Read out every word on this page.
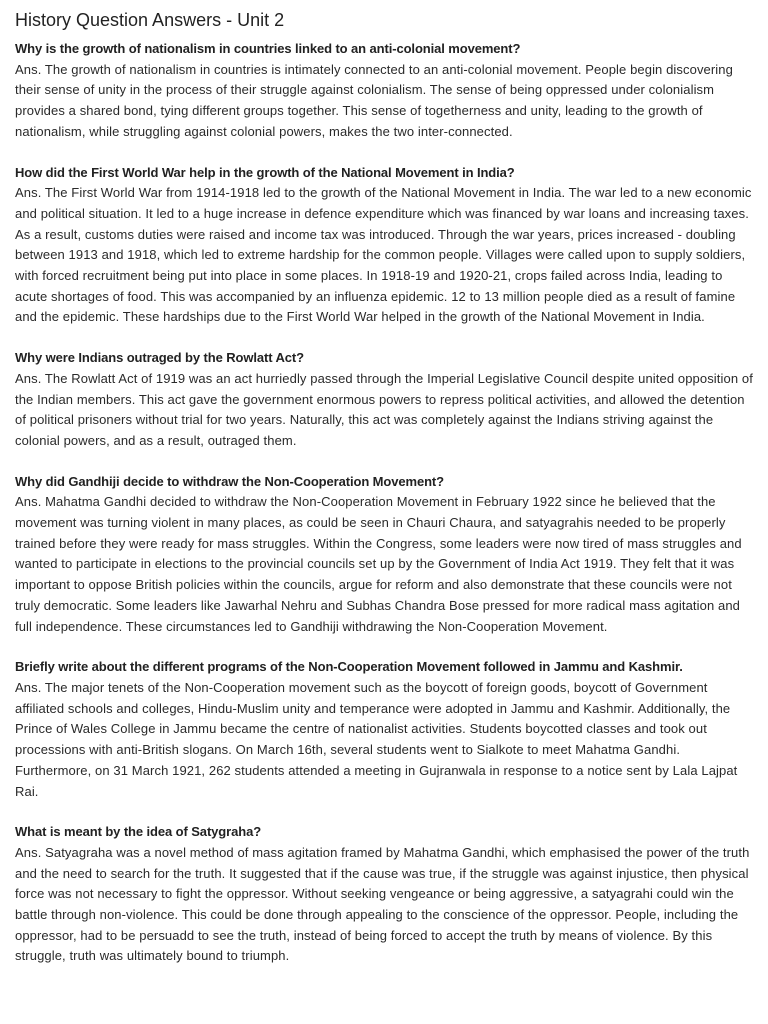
History Question Answers - Unit 2

Why is the growth of nationalism in countries linked to an anti-colonial movement?

Ans. The growth of nationalism in countries is intimately connected to an anti-colonial movement. People begin discovering their sense of unity in the process of their struggle against colonialism. The sense of being oppressed under colonialism provides a shared bond, tying different groups together. This sense of togetherness and unity, leading to the growth of nationalism, while struggling against colonial powers, makes the two inter-connected.

How did the First World War help in the growth of the National Movement in India?

Ans. The First World War from 1914-1918 led to the growth of the National Movement in India. The war led to a new economic and political situation. It led to a huge increase in defence expenditure which was financed by war loans and increasing taxes. As a result, customs duties were raised and income tax was introduced. Through the war years, prices increased - doubling between 1913 and 1918, which led to extreme hardship for the common people. Villages were called upon to supply soldiers, with forced recruitment being put into place in some places. In 1918-19 and 1920-21, crops failed across India, leading to acute shortages of food. This was accompanied by an influenza epidemic. 12 to 13 million people died as a result of famine and the epidemic. These hardships due to the First World War helped in the growth of the National Movement in India.

Why were Indians outraged by the Rowlatt Act?

Ans. The Rowlatt Act of 1919 was an act hurriedly passed through the Imperial Legislative Council despite united opposition of the Indian members. This act gave the government enormous powers to repress political activities, and allowed the detention of political prisoners without trial for two years. Naturally, this act was completely against the Indians striving against the colonial powers, and as a result, outraged them.

Why did Gandhiji decide to withdraw the Non-Cooperation Movement?

Ans. Mahatma Gandhi decided to withdraw the Non-Cooperation Movement in February 1922 since he believed that the movement was turning violent in many places, as could be seen in Chauri Chaura, and satyagrahis needed to be properly trained before they were ready for mass struggles. Within the Congress, some leaders were now tired of mass struggles and wanted to participate in elections to the provincial councils set up by the Government of India Act 1919. They felt that it was important to oppose British policies within the councils, argue for reform and also demonstrate that these councils were not truly democratic. Some leaders like Jawarhal Nehru and Subhas Chandra Bose pressed for more radical mass agitation and full independence. These circumstances led to Gandhiji withdrawing the Non-Cooperation Movement.

Briefly write about the different programs of the Non-Cooperation Movement followed in Jammu and Kashmir.

Ans. The major tenets of the Non-Cooperation movement such as the boycott of foreign goods, boycott of Government affiliated schools and colleges, Hindu-Muslim unity and temperance were adopted in Jammu and Kashmir. Additionally, the Prince of Wales College in Jammu became the centre of nationalist activities. Students boycotted classes and took out processions with anti-British slogans. On March 16th, several students went to Sialkote to meet Mahatma Gandhi. Furthermore, on 31 March 1921, 262 students attended a meeting in Gujranwala in response to a notice sent by Lala Lajpat Rai.

What is meant by the idea of Satygraha?

Ans. Satyagraha was a novel method of mass agitation framed by Mahatma Gandhi, which emphasised the power of the truth and the need to search for the truth. It suggested that if the cause was true, if the struggle was against injustice, then physical force was not necessary to fight the oppressor. Without seeking vengeance or being aggressive, a satyagrahi could win the battle through non-violence. This could be done through appealing to the conscience of the oppressor. People, including the oppressor, had to be persuadd to see the truth, instead of being forced to accept the truth by means of violence. By this struggle, truth was ultimately bound to triumph.
